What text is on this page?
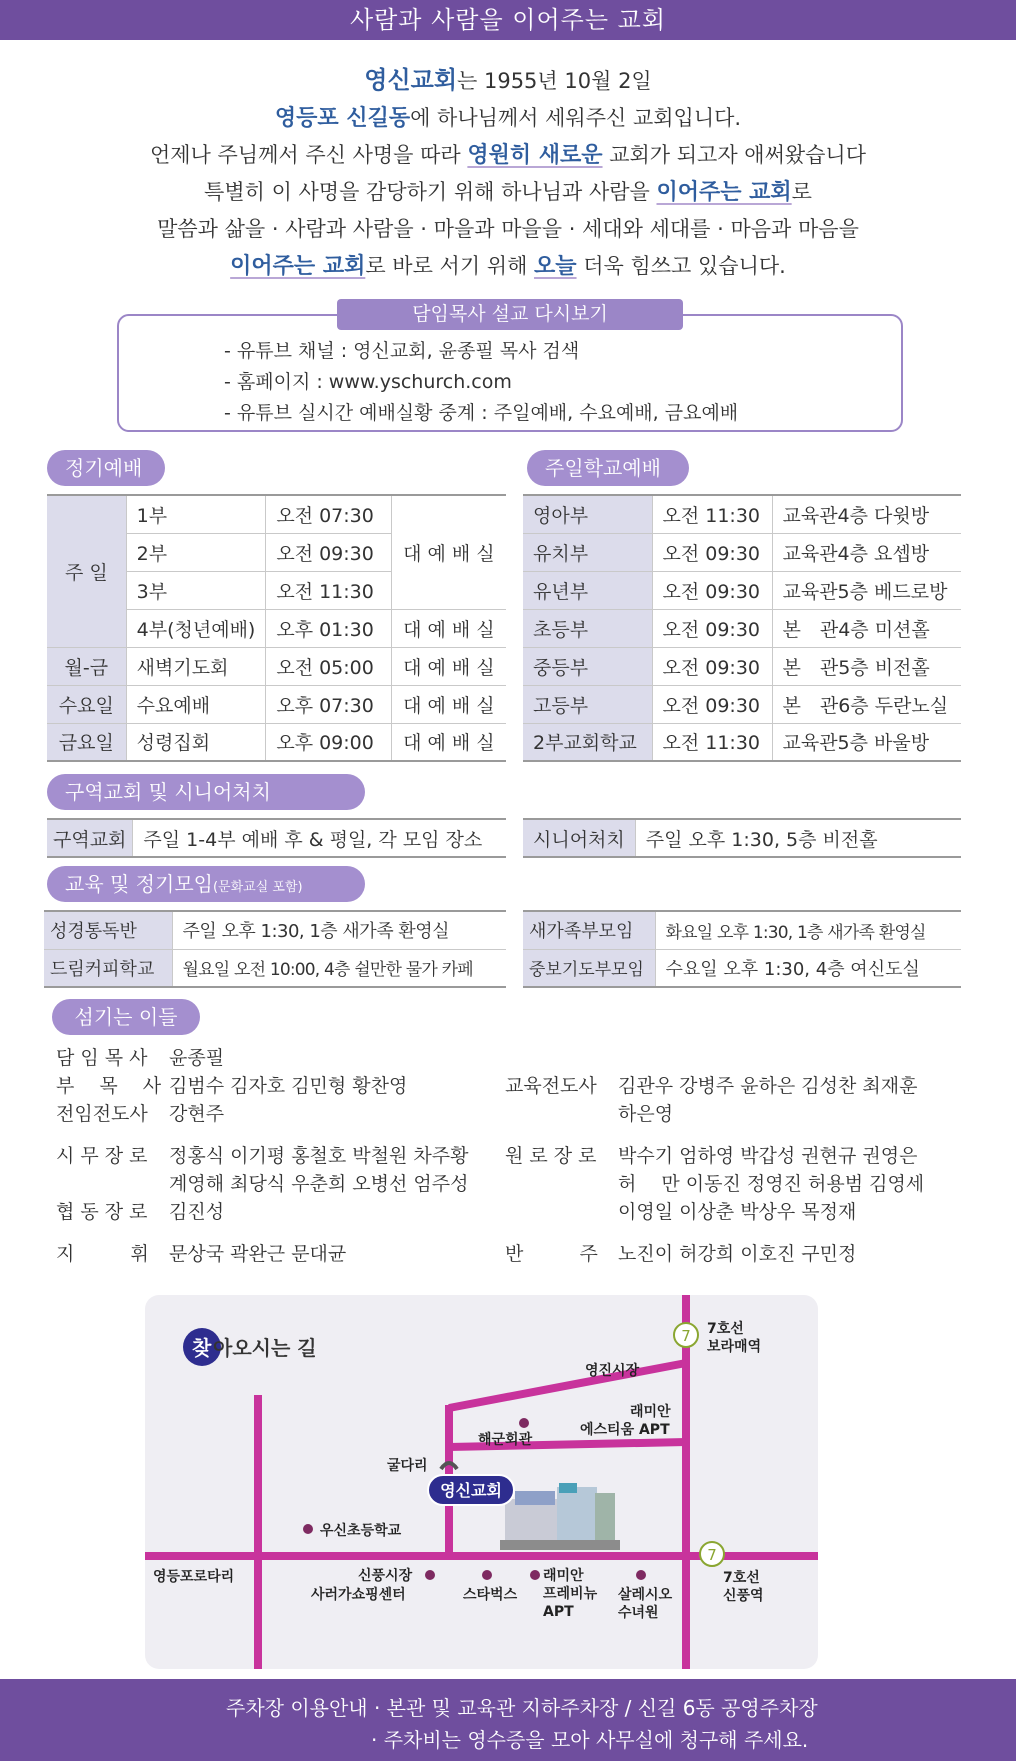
사람과 사람을 이어주는 교회
영신교회는 1955년 10월 2일
영등포 신길동에 하나님께서 세워주신 교회입니다.
언제나 주님께서 주신 사명을 따라 영원히 새로운 교회가 되고자 애써왔습니다
특별히 이 사명을 감당하기 위해 하나님과 사람을 이어주는 교회로
말씀과 삶을 · 사람과 사람을 · 마을과 마을을 · 세대와 세대를 · 마음과 마음을
이어주는 교회로 바로 서기 위해 오늘 더욱 힘쓰고 있습니다.
담임목사 설교 다시보기
- 유튜브 채널 : 영신교회, 윤종필 목사 검색
- 홈페이지 : www.yschurch.com
- 유튜브 실시간 예배실황 중계 : 주일예배, 수요예배, 금요예배
정기예배
주 일	1부	오전 07:30	대 예 배 실
	2부	오전 09:30	
	3부	오전 11:30	
	4부(청년예배)	오후 01:30	대 예 배 실
월-금	새벽기도회	오전 05:00	대 예 배 실
수요일	수요예배	오후 07:30	대 예 배 실
금요일	성령집회	오후 09:00	대 예 배 실
주일학교예배
영아부	오전 11:30	교육관4층 다윗방
유치부	오전 09:30	교육관4층 요셉방
유년부	오전 09:30	교육관5층 베드로방
초등부	오전 09:30	본　관4층 미션홀
중등부	오전 09:30	본　관5층 비전홀
고등부	오전 09:30	본　관6층 두란노실
2부교회학교	오전 11:30	교육관5층 바울방
구역교회 및 시니어처치
구역교회	주일 1-4부 예배 후 & 평일, 각 모임 장소	시니어처치	주일 오후 1:30, 5층 비전홀
교육 및 정기모임(문화교실 포함)
성경통독반	주일 오후 1:30, 1층 새가족 환영실
드림커피학교	월요일 오전 10:00, 4층 쉴만한 물가 카페
새가족부모임	화요일 오후 1:30, 1층 새가족 환영실
중보기도부모임	수요일 오후 1:30, 4층 여신도실
섬기는 이들
담 임 목 사 윤종필
부 　목 　사 김범수 김자호 김민형 황찬영
전임전도사 강현주
시 무 장 로 정홍식 이기평 홍철호 박철원 차주황
계영해 최당식 우춘희 오병선 엄주성
협 동 장 로 김진성
지 　 　 휘 문상국 곽완근 문대균
교육전도사 김관우 강병주 윤하은 김성찬 최재훈
하은영
원 로 장 로 박수기 엄하영 박갑성 권현규 권영은
허 　만 이동진 정영진 허용범 김영세
이영일 이상춘 박상우 목정재
반 　 　 주 노진이 허강희 이호진 구민정
찾 아오시는 길	7
7
7호선
보라매역
영진시장
래미안
에스티움 APT
해군회관
굴다리
우신초등학교
영등포로타리	신풍시장
사러가쇼핑센터	스타벅스
래미안
프레비뉴
APT
살레시오
수녀원
7호선
신풍역
영신교회
주차장 이용안내 · 본관 및 교육관 지하주차장 / 신길 6동 공영주차장
· 주차비는 영수증을 모아 사무실에 청구해 주세요.
